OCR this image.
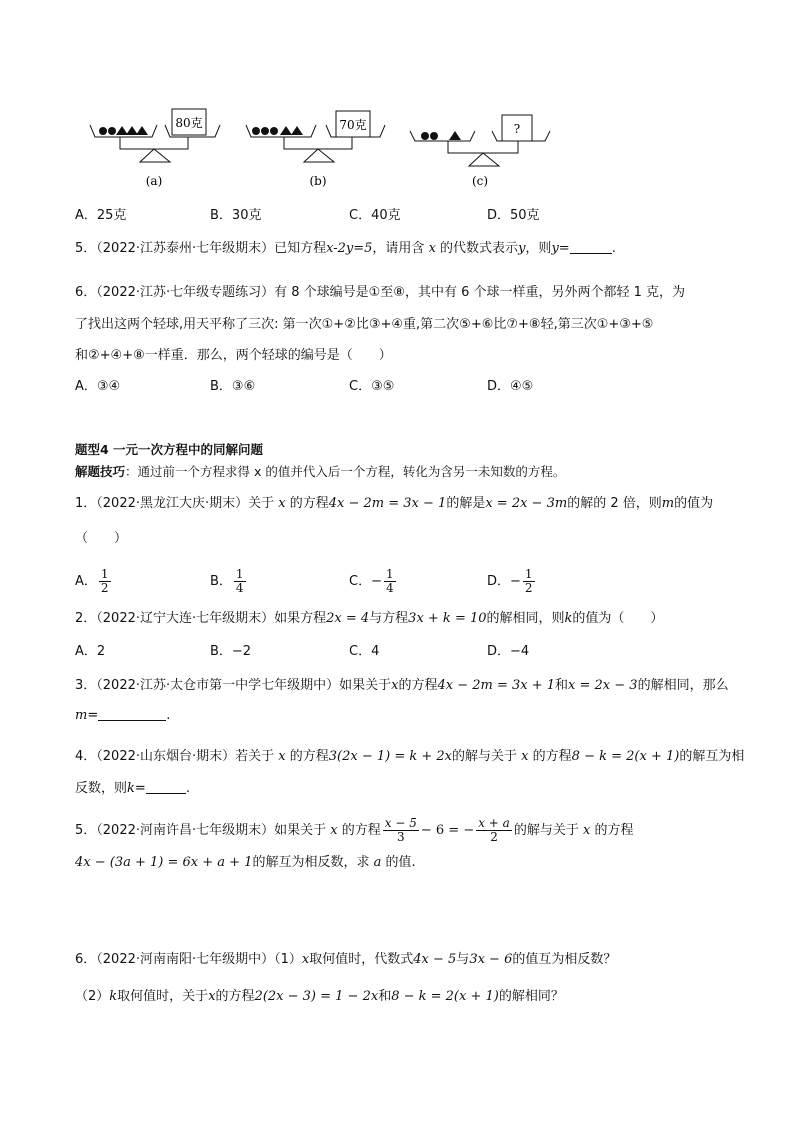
80克
(a)
70克
(b)
?
(c)
A．25克	B．30克	C．40克	D．50克
5．（2022·江苏泰州·七年级期末）已知方程x-2y=5，请用含 x 的代数式表示y，则y=	.
6．（2022·江苏·七年级专题练习）有 8 个球编号是①至⑧，其中有 6 个球一样重，另外两个都轻 1 克，为
了找出这两个轻球,用天平称了三次: 第一次①+②比③+④重,第二次⑤+⑥比⑦+⑧轻,第三次①+③+⑤
和②+④+⑧一样重．那么，两个轻球的编号是（　　）
A．③④	B．③⑥	C．③⑤	D．④⑤
题型4 一元一次方程中的同解问题
解题技巧：通过前一个方程求得 x 的值并代入后一个方程，转化为含另一未知数的方程。
1．（2022·黑龙江大庆·期末）关于 x 的方程4x − 2m = 3x − 1的解是x = 2x − 3m的解的 2 倍，则m的值为
（　　）
A． $\frac{1}{2}$	B． $\frac{1}{4}$	C．− $\frac{1}{4}$	D．− $\frac{1}{2}$
2．（2022·辽宁大连·七年级期末）如果方程2x = 4与方程3x + k = 10的解相同，则k的值为（　　）
A．2	B．−2	C．4	D．−4
3．（2022·江苏·太仓市第一中学七年级期中）如果关于x的方程4x − 2m = 3x + 1和x = 2x − 3的解相同，那么
m=	.
4．（2022·山东烟台·期末）若关于 x 的方程3(2x − 1) = k + 2x的解与关于 x 的方程8 − k = 2(x + 1)的解互为相
反数，则k=	.
5．（2022·河南许昌·七年级期末）如果关于 x 的方程 $\frac{x - 5}{3} - 6$ = − $\frac{x + a}{2}$ 的解与关于 x 的方程
4x − (3a + 1) = 6x + a + 1的解互为相反数，求 a 的值.
6．（2022·河南南阳·七年级期中）（1）x取何值时，代数式4x − 5与3x − 6的值互为相反数？
（2）k取何值时，关于x的方程2(2x − 3) = 1 − 2x和8 − k = 2(x + 1)的解相同？
